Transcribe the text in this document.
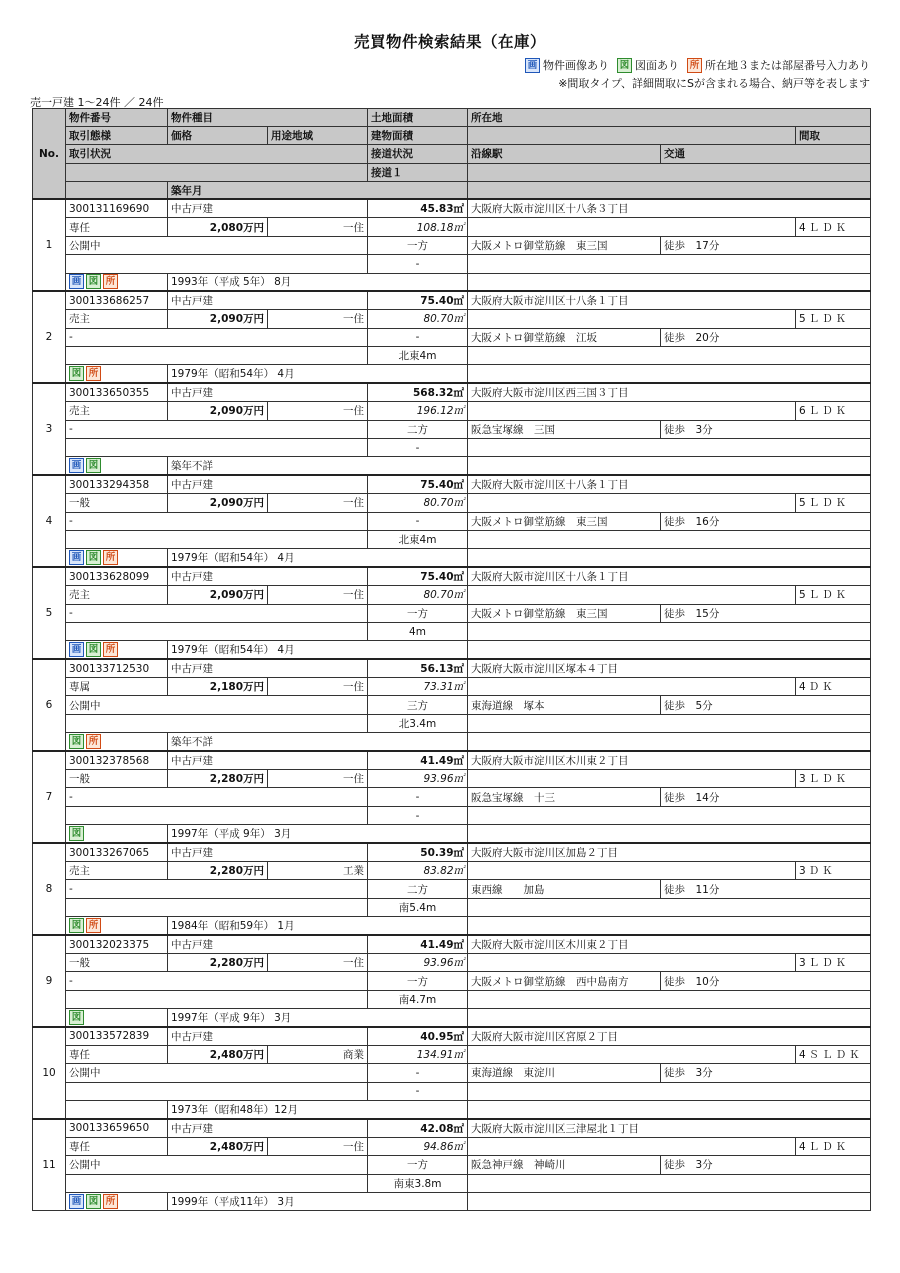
売買物件検索結果（在庫）
画 物件画像あり 図 図面あり 所 所在地３または部屋番号入力あり
※間取タイプ、詳細間取にSが含まれる場合、納戸等を表します
売一戸建 1～24件 ／ 24件
No.	物件番号	物件種目		土地面積	所在地		
	取引態様	価格	用途地域	建物面積			間取
	取引状況			接道状況	沿線駅	交通	
				接道１			
		築年月					
1	300131169690	中古戸建		45.83㎡	大阪府大阪市淀川区十八条３丁目		
	専任	2,080万円	一住	108.18㎡			4ＬＤＫ
	公開中			一方	大阪メトロ御堂筋線　東三国	徒歩　17分	
				-			
	画 図 所	1993年（平成 5年） 8月					
2	300133686257	中古戸建		75.40㎡	大阪府大阪市淀川区十八条１丁目		
	売主	2,090万円	一住	80.70㎡			5ＬＤＫ
	-			-	大阪メトロ御堂筋線　江坂	徒歩　20分	
				北東4m			
	図 所	1979年（昭和54年） 4月					
3	300133650355	中古戸建		568.32㎡	大阪府大阪市淀川区西三国３丁目		
	売主	2,090万円	一住	196.12㎡			6ＬＤＫ
	-			二方	阪急宝塚線　三国	徒歩　3分	
				-			
	画 図	築年不詳					
4	300133294358	中古戸建		75.40㎡	大阪府大阪市淀川区十八条１丁目		
	一般	2,090万円	一住	80.70㎡			5ＬＤＫ
	-			-	大阪メトロ御堂筋線　東三国	徒歩　16分	
				北東4m			
	画 図 所	1979年（昭和54年） 4月					
5	300133628099	中古戸建		75.40㎡	大阪府大阪市淀川区十八条１丁目		
	売主	2,090万円	一住	80.70㎡			5ＬＤＫ
	-			一方	大阪メトロ御堂筋線　東三国	徒歩　15分	
				4m			
	画 図 所	1979年（昭和54年） 4月					
6	300133712530	中古戸建		56.13㎡	大阪府大阪市淀川区塚本４丁目		
	専属	2,180万円	一住	73.31㎡			4ＤＫ
	公開中			三方	東海道線　塚本	徒歩　5分	
				北3.4m			
	図 所	築年不詳					
7	300132378568	中古戸建		41.49㎡	大阪府大阪市淀川区木川東２丁目		
	一般	2,280万円	一住	93.96㎡			3ＬＤＫ
	-			-	阪急宝塚線　十三	徒歩　14分	
				-			
	図	1997年（平成 9年） 3月					
8	300133267065	中古戸建		50.39㎡	大阪府大阪市淀川区加島２丁目		
	売主	2,280万円	工業	83.82㎡			3ＤＫ
	-			二方	東西線　　加島	徒歩　11分	
				南5.4m			
	図 所	1984年（昭和59年） 1月					
9	300132023375	中古戸建		41.49㎡	大阪府大阪市淀川区木川東２丁目		
	一般	2,280万円	一住	93.96㎡			3ＬＤＫ
	-			一方	大阪メトロ御堂筋線　西中島南方	徒歩　10分	
				南4.7m			
	図	1997年（平成 9年） 3月					
10	300133572839	中古戸建		40.95㎡	大阪府大阪市淀川区宮原２丁目		
	専任	2,480万円	商業	134.91㎡			4ＳＬＤＫ
	公開中			-	東海道線　東淀川	徒歩　3分	
				-			
		1973年（昭和48年）12月					
11	300133659650	中古戸建		42.08㎡	大阪府大阪市淀川区三津屋北１丁目		
	専任	2,480万円	一住	94.86㎡			4ＬＤＫ
	公開中			一方	阪急神戸線　神崎川	徒歩　3分	
				南東3.8m			
	画 図 所	1999年（平成11年） 3月					
